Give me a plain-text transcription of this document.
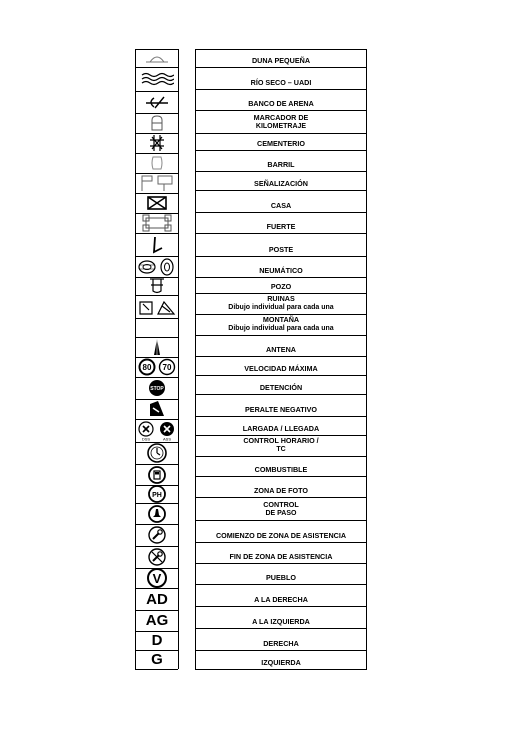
80 70
STOP
DSS	ASS
PH
V
AD
AG
D
G
DUNA PEQUEÑA
RÍO SECO – UADI
BANCO DE ARENA
MARCADOR DE
KILOMETRAJE
CEMENTERIO
BARRIL
SEÑALIZACIÓN
CASA
FUERTE
POSTE
NEUMÁTICO
POZO
RUINAS
Dibujo individual para cada una
MONTAÑA
Dibujo individual para cada una
ANTENA
VELOCIDAD MÁXIMA
DETENCIÓN
PERALTE NEGATIVO
LARGADA / LLEGADA
CONTROL HORARIO /
TC
COMBUSTIBLE
ZONA DE FOTO
CONTROL
DE PASO
COMIENZO DE ZONA DE ASISTENCIA
FIN DE ZONA DE ASISTENCIA
PUEBLO
A LA DERECHA
A LA IZQUIERDA
DERECHA
IZQUIERDA
